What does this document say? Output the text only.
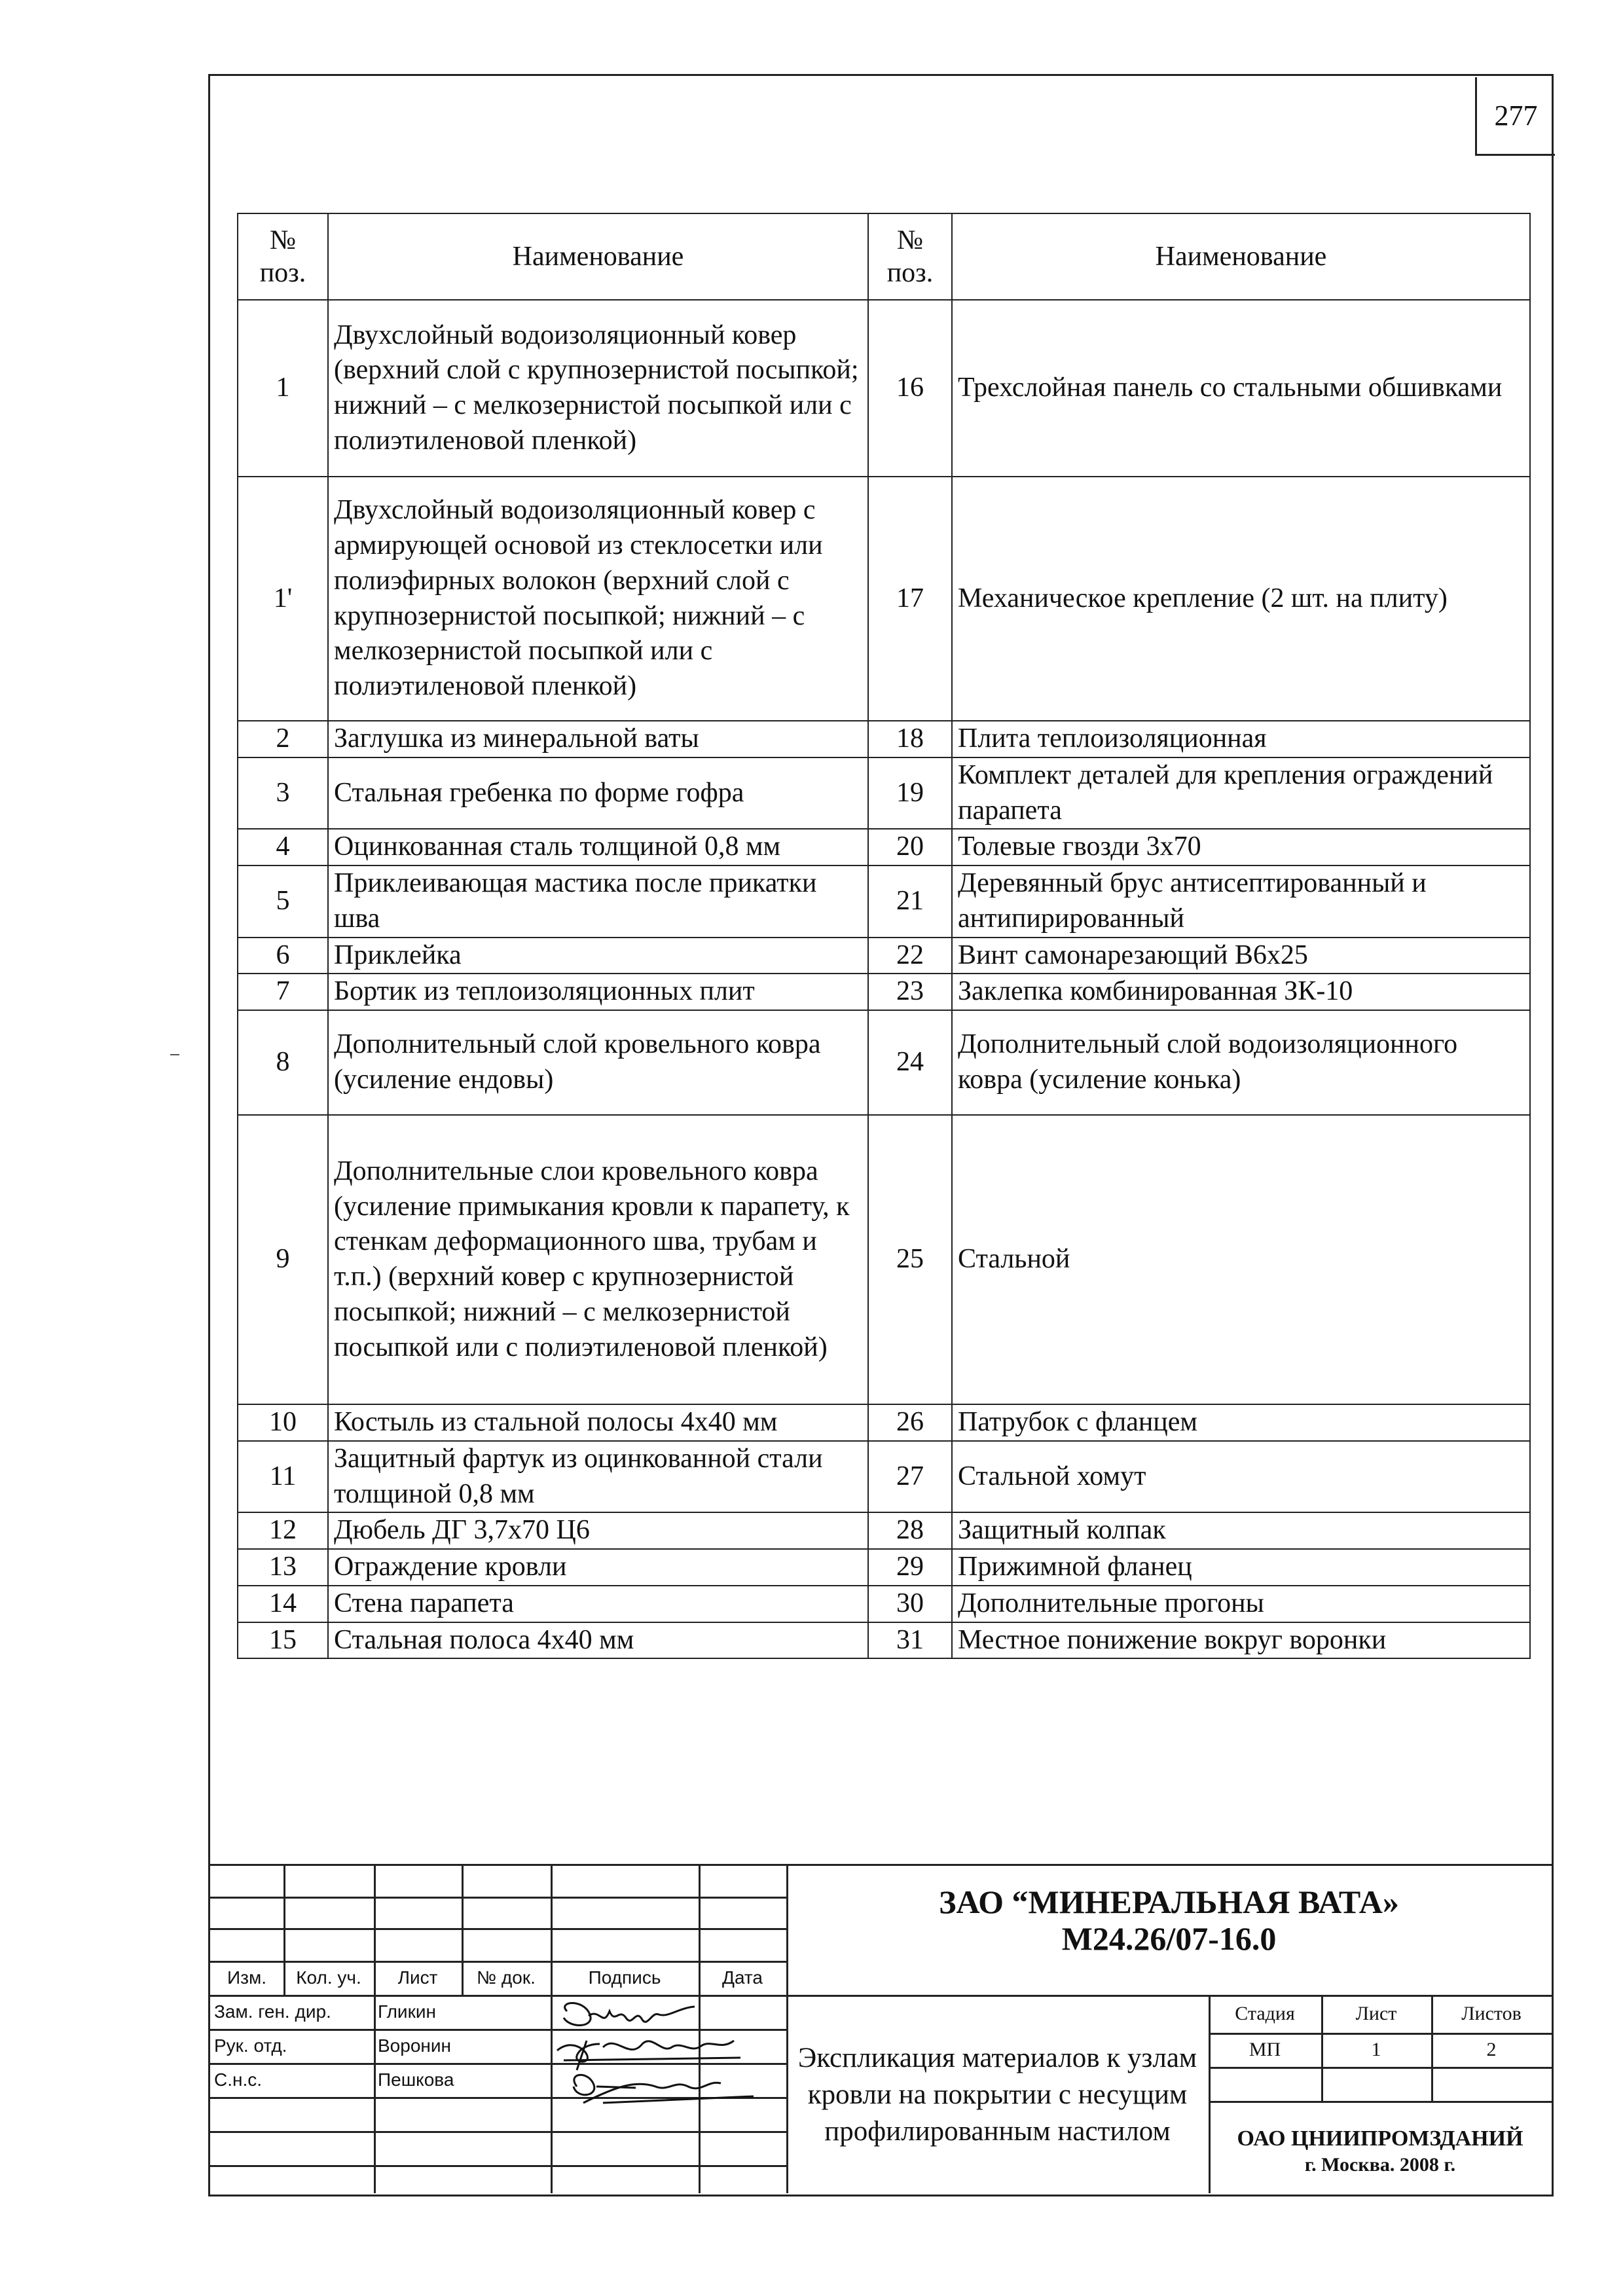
277
№ поз.	Наименование	№ поз.	Наименование
1	Двухслойный водоизоляционный ковер (верхний слой с крупнозернистой посыпкой; нижний – с мелкозернистой посыпкой или с полиэтиленовой пленкой)	16	Трехслойная панель со стальными обшивками
1'	Двухслойный водоизоляционный ковер с армирующей основой из стеклосетки или полиэфирных волокон (верхний слой с крупнозернистой посыпкой; нижний – с мелкозернистой посыпкой или с полиэтиленовой пленкой)	17	Механическое крепление (2 шт. на плиту)
2	Заглушка из минеральной ваты	18	Плита теплоизоляционная
3	Стальная гребенка по форме гофра	19	Комплект деталей для крепления ограждений парапета
4	Оцинкованная сталь толщиной 0,8 мм	20	Толевые гвозди 3х70
5	Приклеивающая мастика после прикатки шва	21	Деревянный брус антисептированный и антипирированный
6	Приклейка	22	Винт самонарезающий В6х25
7	Бортик из теплоизоляционных плит	23	Заклепка комбинированная ЗК-10
8	Дополнительный слой кровельного ковра (усиление ендовы)	24	Дополнительный слой водоизоляционного ковра (усиление конька)
9	Дополнительные слои кровельного ковра (усиление примыкания кровли к парапету, к стенкам деформационного шва, трубам и т.п.) (верхний ковер с крупнозернистой посыпкой; нижний – с мелкозернистой посыпкой или с полиэтиленовой пленкой)	25	Стальной
10	Костыль из стальной полосы 4х40 мм	26	Патрубок с фланцем
11	Защитный фартук из оцинкованной стали толщиной 0,8 мм	27	Стальной хомут
12	Дюбель ДГ 3,7х70 Ц6	28	Защитный колпак
13	Ограждение кровли	29	Прижимной фланец
14	Стена парапета	30	Дополнительные прогоны
15	Стальная полоса 4х40 мм	31	Местное понижение вокруг воронки
Изм.	Кол. уч.	Лист	№ док.	Подпись	Дата
Зам. ген. дир.	Гликин
Рук. отд.	Воронин
С.н.с.	Пешкова
ЗАО “МИНЕРАЛЬНАЯ ВАТА»
М24.26/07-16.0
Экспликация материалов к узлам кровли на покрытии с несущим профилированным настилом
Стадия	Лист	Листов
МП	1	2
ОАО ЦНИИПРОМЗДАНИЙ
г. Москва. 2008 г.
